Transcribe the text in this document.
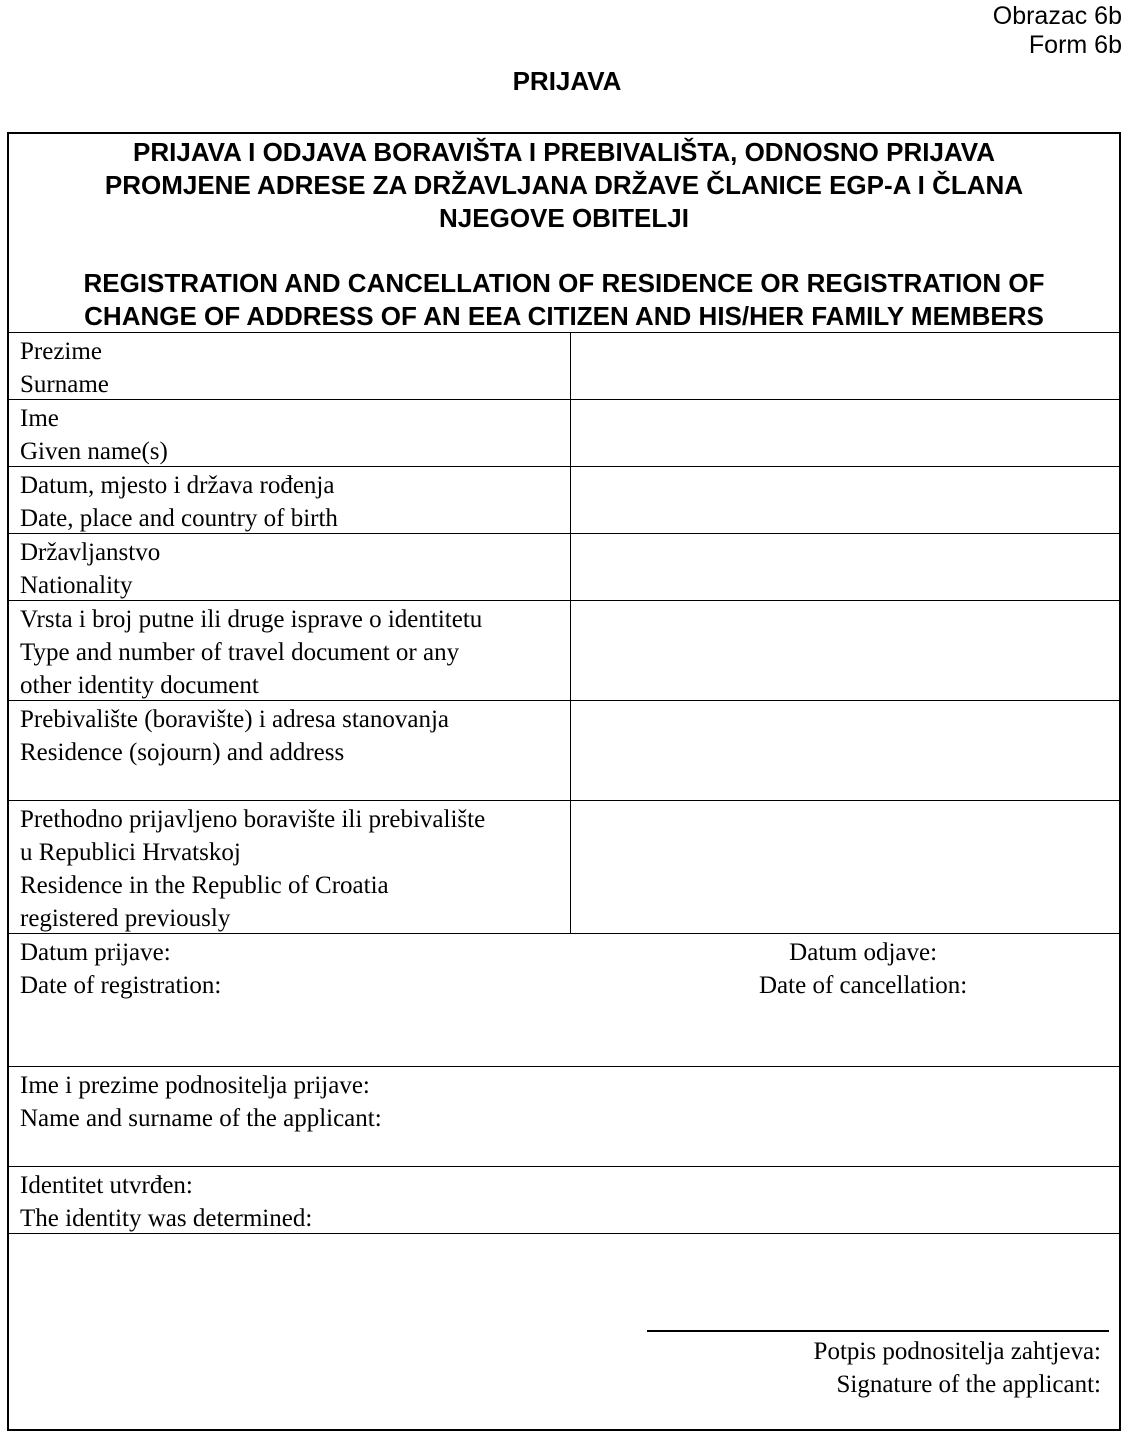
Obrazac 6b
Form 6b
PRIJAVA
PRIJAVA I ODJAVA BORAVIŠTA I PREBIVALIŠTA, ODNOSNO PRIJAVA
PROMJENE ADRESE ZA DRŽAVLJANA DRŽAVE ČLANICE EGP-A I ČLANA
NJEGOVE OBITELJI
REGISTRATION AND CANCELLATION OF RESIDENCE OR REGISTRATION OF
CHANGE OF ADDRESS OF AN EEA CITIZEN AND HIS/HER FAMILY MEMBERS
Prezime
Surname
Ime
Given name(s)
Datum, mjesto i država rođenja
Date, place and country of birth
Državljanstvo
Nationality
Vrsta i broj putne ili druge isprave o identitetu
Type and number of travel document or any
other identity document
Prebivalište (boravište) i adresa stanovanja
Residence (sojourn) and address
Prethodno prijavljeno boravište ili prebivalište
u Republici Hrvatskoj
Residence in the Republic of Croatia
registered previously
Datum prijave:
Date of registration:
Datum odjave:
Date of cancellation:
Ime i prezime podnositelja prijave:
Name and surname of the applicant:
Identitet utvrđen:
The identity was determined:
Potpis podnositelja zahtjeva:
Signature of the applicant:
